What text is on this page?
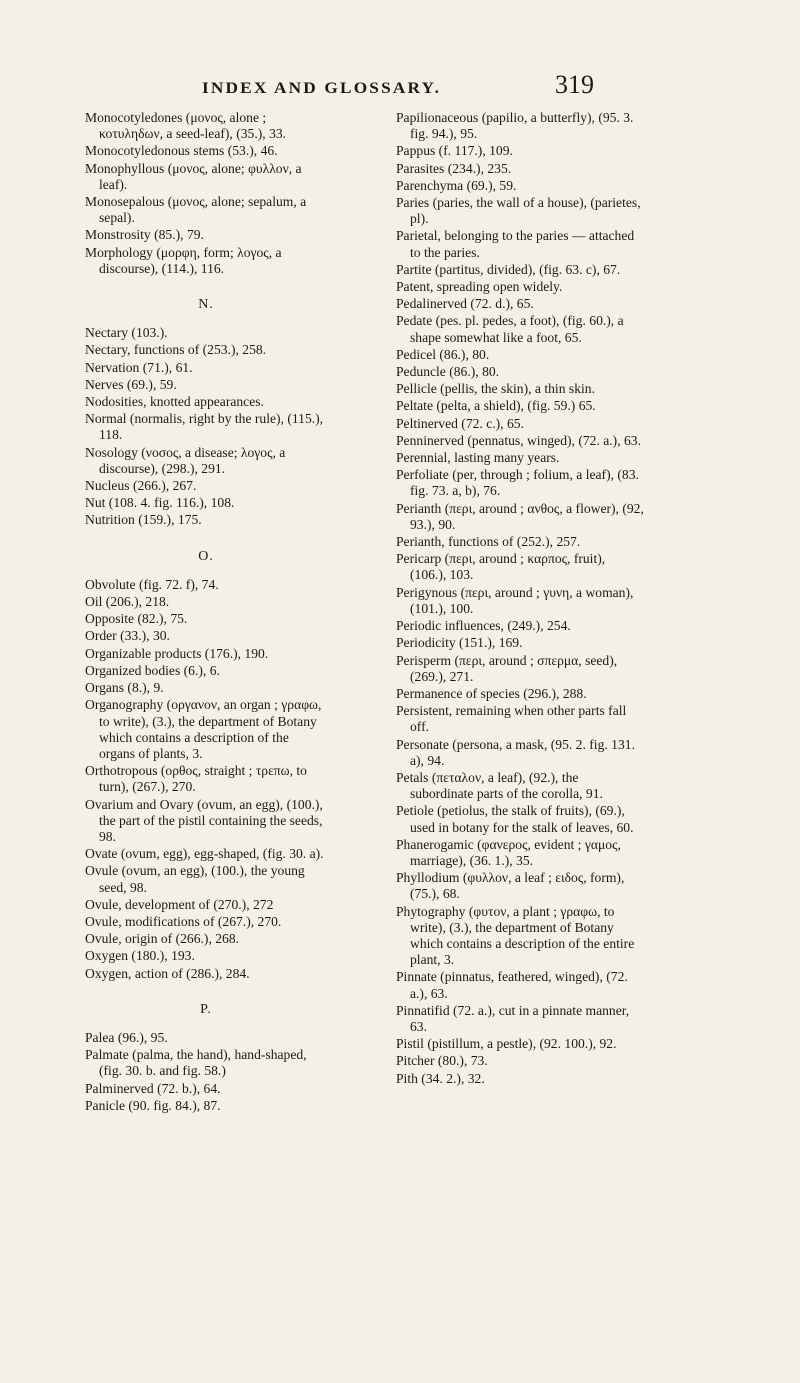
INDEX AND GLOSSARY.	319

Monocotyledones (μονος, alone ; κοτυληδων, a seed-leaf), (35.), 33.

Monocotyledonous stems (53.), 46.

Monophyllous (μονος, alone; φυλλον, a leaf).

Monosepalous (μονος, alone; sepalum, a sepal).

Monstrosity (85.), 79.

Morphology (μορφη, form; λογος, a discourse), (114.), 116.

N.

Nectary (103.).

Nectary, functions of (253.), 258.

Nervation (71.), 61.

Nerves (69.), 59.

Nodosities, knotted appearances.

Normal (normalis, right by the rule), (115.), 118.

Nosology (νοσος, a disease; λογος, a discourse), (298.), 291.

Nucleus (266.), 267.

Nut (108. 4. fig. 116.), 108.

Nutrition (159.), 175.

O.

Obvolute (fig. 72. f), 74.

Oil (206.), 218.

Opposite (82.), 75.

Order (33.), 30.

Organizable products (176.), 190.

Organized bodies (6.), 6.

Organs (8.), 9.

Organography (οργανον, an organ ; γραφω, to write), (3.), the department of Botany which contains a description of the organs of plants, 3.

Orthotropous (ορθος, straight ; τρεπω, to turn), (267.), 270.

Ovarium and Ovary (ovum, an egg), (100.), the part of the pistil containing the seeds, 98.

Ovate (ovum, egg), egg-shaped, (fig. 30. a).

Ovule (ovum, an egg), (100.), the young seed, 98.

Ovule, development of (270.), 272

Ovule, modifications of (267.), 270.

Ovule, origin of (266.), 268.

Oxygen (180.), 193.

Oxygen, action of (286.), 284.

P.

Palea (96.), 95.

Palmate (palma, the hand), hand-shaped, (fig. 30. b. and fig. 58.)

Palminerved (72. b.), 64.

Panicle (90. fig. 84.), 87.

Papilionaceous (papilio, a butterfly), (95. 3. fig. 94.), 95.

Pappus (f. 117.), 109.

Parasites (234.), 235.

Parenchyma (69.), 59.

Paries (paries, the wall of a house), (parietes, pl).

Parietal, belonging to the paries — attached to the paries.

Partite (partitus, divided), (fig. 63. c), 67.

Patent, spreading open widely.

Pedalinerved (72. d.), 65.

Pedate (pes. pl. pedes, a foot), (fig. 60.), a shape somewhat like a foot, 65.

Pedicel (86.), 80.

Peduncle (86.), 80.

Pellicle (pellis, the skin), a thin skin.

Peltate (pelta, a shield), (fig. 59.) 65.

Peltinerved (72. c.), 65.

Penninerved (pennatus, winged), (72. a.), 63.

Perennial, lasting many years.

Perfoliate (per, through ; folium, a leaf), (83. fig. 73. a, b), 76.

Perianth (περι, around ; ανθος, a flower), (92, 93.), 90.

Perianth, functions of (252.), 257.

Pericarp (περι, around ; καρπος, fruit), (106.), 103.

Perigynous (περι, around ; γυνη, a woman), (101.), 100.

Periodic influences, (249.), 254.

Periodicity (151.), 169.

Perisperm (περι, around ; σπερμα, seed), (269.), 271.

Permanence of species (296.), 288.

Persistent, remaining when other parts fall off.

Personate (persona, a mask, (95. 2. fig. 131. a), 94.

Petals (πεταλον, a leaf), (92.), the subordinate parts of the corolla, 91.

Petiole (petiolus, the stalk of fruits), (69.), used in botany for the stalk of leaves, 60.

Phanerogamic (φανερος, evident ; γαμος, marriage), (36. 1.), 35.

Phyllodium (φυλλον, a leaf ; ειδος, form), (75.), 68.

Phytography (φυτον, a plant ; γραφω, to write), (3.), the department of Botany which contains a description of the entire plant, 3.

Pinnate (pinnatus, feathered, winged), (72. a.), 63.

Pinnatifid (72. a.), cut in a pinnate manner, 63.

Pistil (pistillum, a pestle), (92. 100.), 92.

Pitcher (80.), 73.

Pith (34. 2.), 32.
